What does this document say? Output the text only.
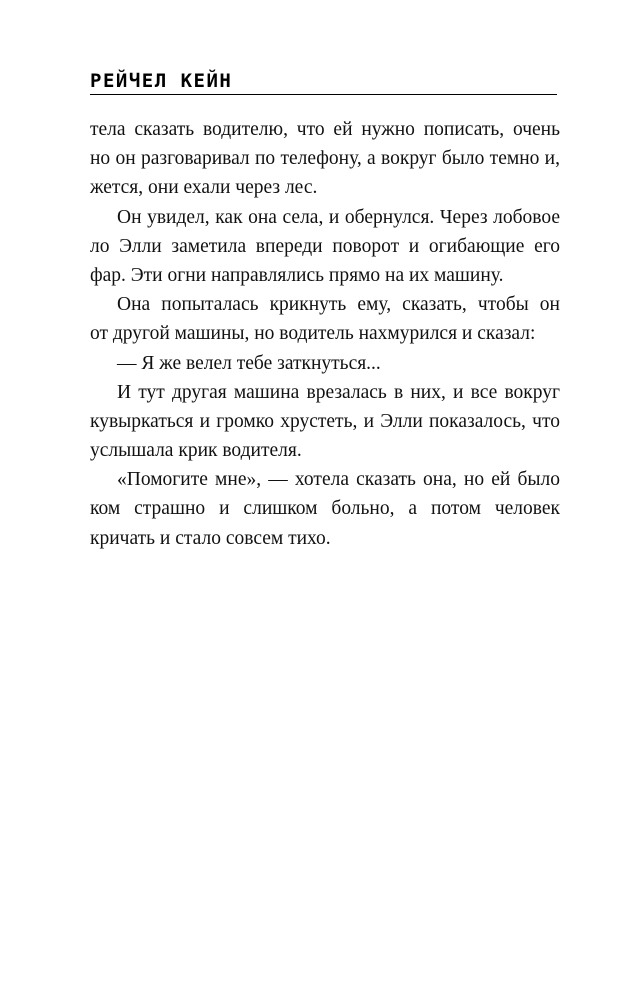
РЕЙЧЕЛ КЕЙН
тела сказать водителю, что ей нужно пописать, очень
но он разговаривал по телефону, а вокруг было темно и,
жется, они ехали через лес.
Он увидел, как она села, и обернулся. Через лобовое
ло Элли заметила впереди поворот и огибающие его
фар. Эти огни направлялись прямо на их машину.
Она попыталась крикнуть ему, сказать, чтобы он
от другой машины, но водитель нахмурился и сказал:
— Я же велел тебе заткнуться...
И тут другая машина врезалась в них, и все вокруг
кувыркаться и громко хрустеть, и Элли показалось, что
услышала крик водителя.
«Помогите мне», — хотела сказать она, но ей было
ком страшно и слишком больно, а потом человек
кричать и стало совсем тихо.
